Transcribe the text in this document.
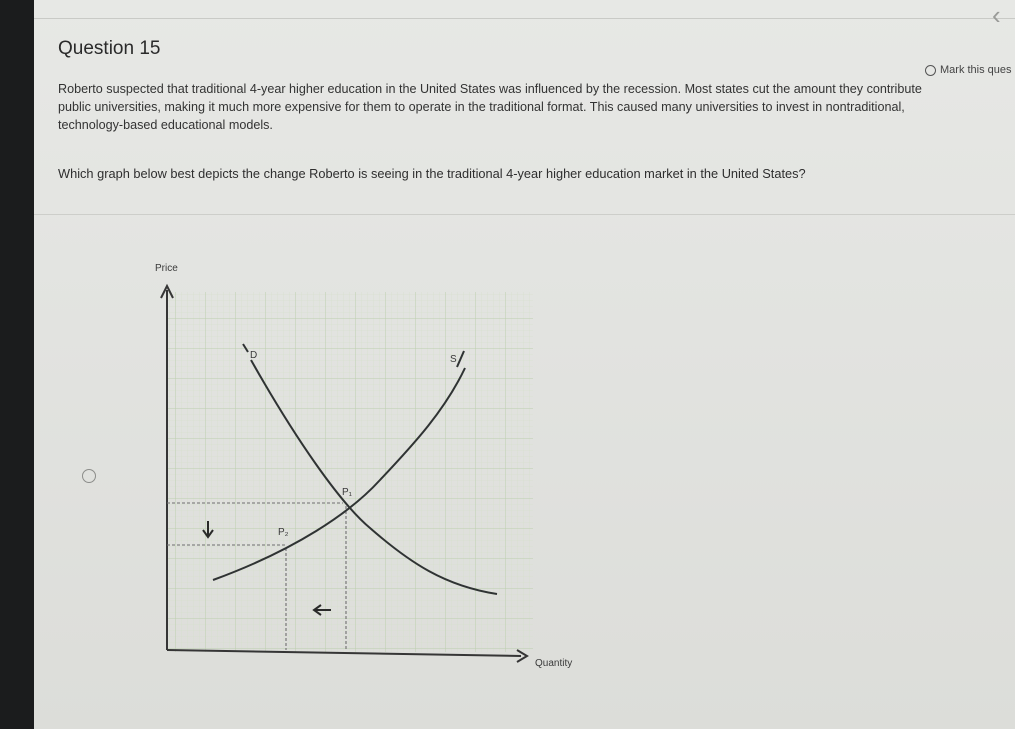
‹
Question 15
Mark this ques
Roberto suspected that traditional 4-year higher education in the United States was influenced by the recession. Most states cut the amount they contribute
public universities, making it much more expensive for them to operate in the traditional format. This caused many universities to invest in nontraditional,
technology-based educational models.
Which graph below best depicts the change Roberto is seeing in the traditional 4-year higher education market in the United States?
Price
Quantity
D	S
P₁
P₂
